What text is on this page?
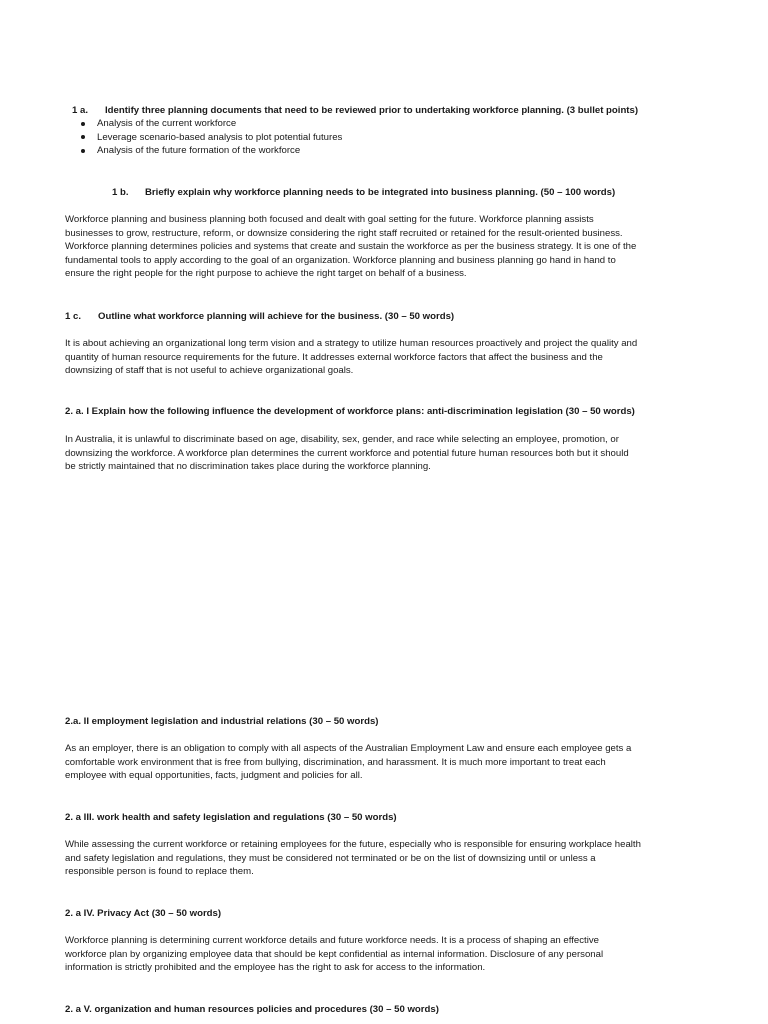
1 a. Identify three planning documents that need to be reviewed prior to undertaking workforce planning. (3 bullet points)
Analysis of the current workforce
Leverage scenario-based analysis to plot potential futures
Analysis of the future formation of the workforce
1 b. Briefly explain why workforce planning needs to be integrated into business planning. (50 – 100 words)

Workforce planning and business planning both focused and dealt with goal setting for the future. Workforce planning assists

businesses to grow, restructure, reform, or downsize considering the right staff recruited or retained for the result-oriented business.

Workforce planning determines policies and systems that create and sustain the workforce as per the business strategy. It is one of the

fundamental tools to apply according to the goal of an organization. Workforce planning and business planning go hand in hand to

ensure the right people for the right purpose to achieve the right target on behalf of a business.

1 c. Outline what workforce planning will achieve for the business. (30 – 50 words)

It is about achieving an organizational long term vision and a strategy to utilize human resources proactively and project the quality and

quantity of human resource requirements for the future. It addresses external workforce factors that affect the business and the

downsizing of staff that is not useful to achieve organizational goals.

2. a. I Explain how the following influence the development of workforce plans: anti-discrimination legislation (30 – 50 words)

In Australia, it is unlawful to discriminate based on age, disability, sex, gender, and race while selecting an employee, promotion, or

downsizing the workforce. A workforce plan determines the current workforce and potential future human resources both but it should

be strictly maintained that no discrimination takes place during the workforce planning.

2.a. II employment legislation and industrial relations (30 – 50 words)

As an employer, there is an obligation to comply with all aspects of the Australian Employment Law and ensure each employee gets a

comfortable work environment that is free from bullying, discrimination, and harassment. It is much more important to treat each

employee with equal opportunities, facts, judgment and policies for all.

2. a III. work health and safety legislation and regulations (30 – 50 words)

While assessing the current workforce or retaining employees for the future, especially who is responsible for ensuring workplace health

and safety legislation and regulations, they must be considered not terminated or be on the list of downsizing until or unless a

responsible person is found to replace them.

2. a IV. Privacy Act (30 – 50 words)

Workforce planning is determining current workforce details and future workforce needs. It is a process of shaping an effective

workforce plan by organizing employee data that should be kept confidential as internal information. Disclosure of any personal

information is strictly prohibited and the employee has the right to ask for access to the information.

2. a V. organization and human resources policies and procedures (30 – 50 words)
